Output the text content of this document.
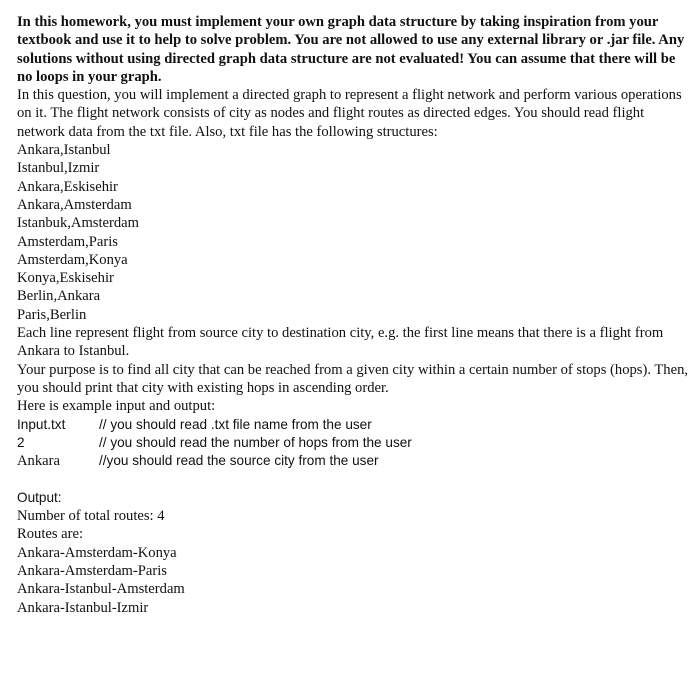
In this homework, you must implement your own graph data structure by taking inspiration from your textbook and use it to help to solve problem. You are not allowed to use any external library or .jar file. Any solutions without using directed graph data structure are not evaluated! You can assume that there will be no loops in your graph.

In this question, you will implement a directed graph to represent a flight network and perform various operations on it. The flight network consists of city as nodes and flight routes as directed edges. You should read flight network data from the txt file. Also, txt file has the following structures:

Ankara,Istanbul
Istanbul,Izmir
Ankara,Eskisehir
Ankara,Amsterdam
Istanbuk,Amsterdam
Amsterdam,Paris
Amsterdam,Konya
Konya,Eskisehir
Berlin,Ankara
Paris,Berlin

Each line represent flight from source city to destination city, e.g. the first line means that there is a flight from Ankara to Istanbul.

Your purpose is to find all city that can be reached from a given city within a certain number of stops (hops). Then, you should print that city with existing hops in ascending order.

Here is example input and output:

Input.txt	// you should read .txt file name from the user
2	// you should read the number of hops from the user
Ankara	//you should read the source city from the user
Output:
Number of total routes: 4
Routes are:
Ankara-Amsterdam-Konya
Ankara-Amsterdam-Paris
Ankara-Istanbul-Amsterdam
Ankara-Istanbul-Izmir
